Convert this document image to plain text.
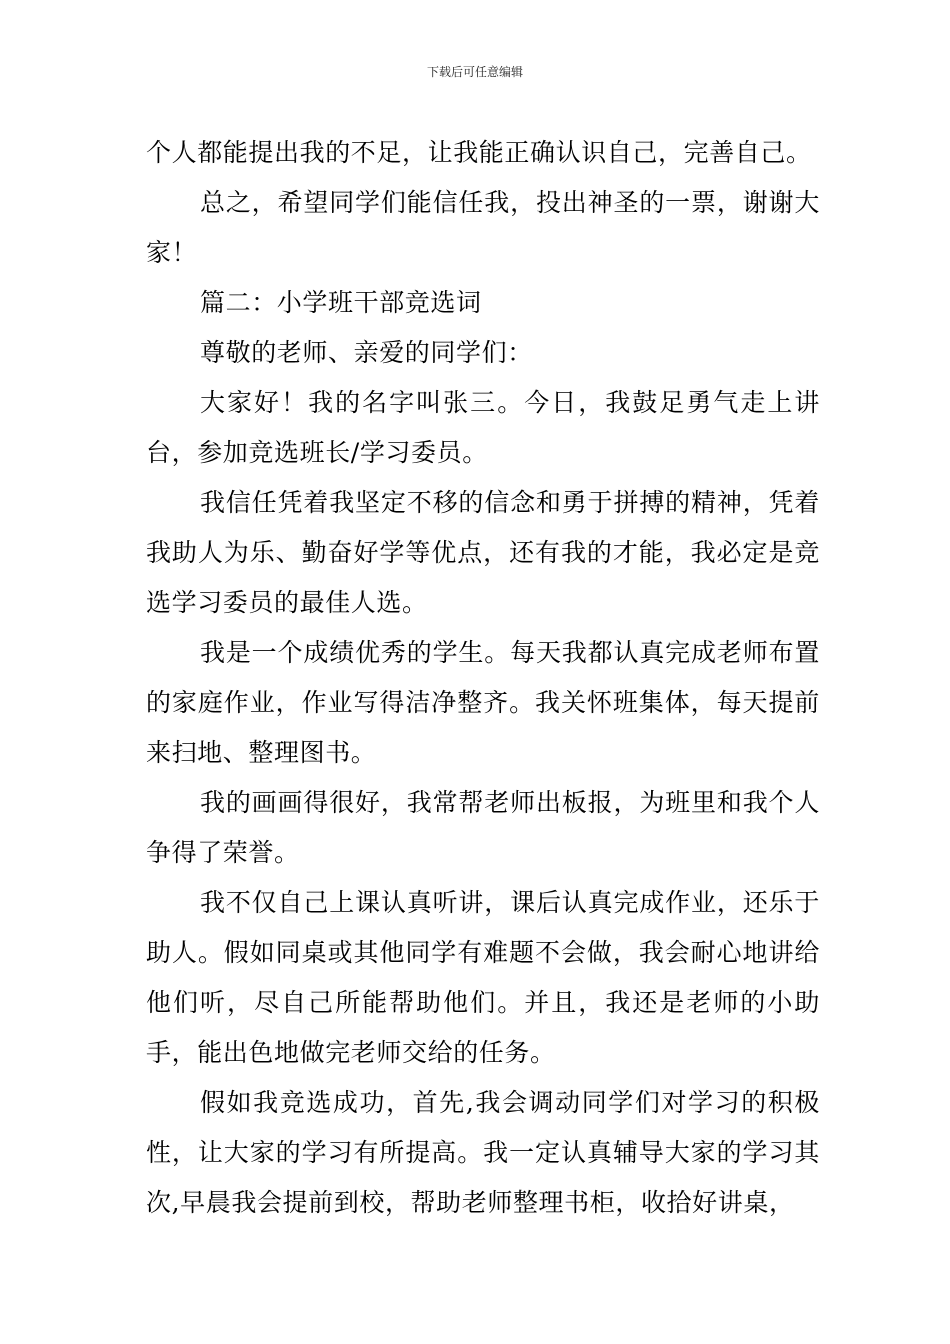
下载后可任意编辑

个人都能提出我的不足，让我能正确认识自己，完善自己。

总之，希望同学们能信任我，投出神圣的一票，谢谢大家！

篇二：小学班干部竞选词

尊敬的老师、亲爱的同学们：

大家好！我的名字叫张三。今日，我鼓足勇气走上讲台，参加竞选班长/学习委员。

我信任凭着我坚定不移的信念和勇于拼搏的精神，凭着我助人为乐、勤奋好学等优点，还有我的才能，我必定是竞选学习委员的最佳人选。

我是一个成绩优秀的学生。每天我都认真完成老师布置的家庭作业，作业写得洁净整齐。我关怀班集体，每天提前来扫地、整理图书。

我的画画得很好，我常帮老师出板报，为班里和我个人争得了荣誉。

我不仅自己上课认真听讲，课后认真完成作业，还乐于助人。假如同桌或其他同学有难题不会做，我会耐心地讲给他们听，尽自己所能帮助他们。并且，我还是老师的小助手，能出色地做完老师交给的任务。

假如我竞选成功，首先,我会调动同学们对学习的积极性，让大家的学习有所提高。我一定认真辅导大家的学习其次,早晨我会提前到校，帮助老师整理书柜，收拾好讲桌，
